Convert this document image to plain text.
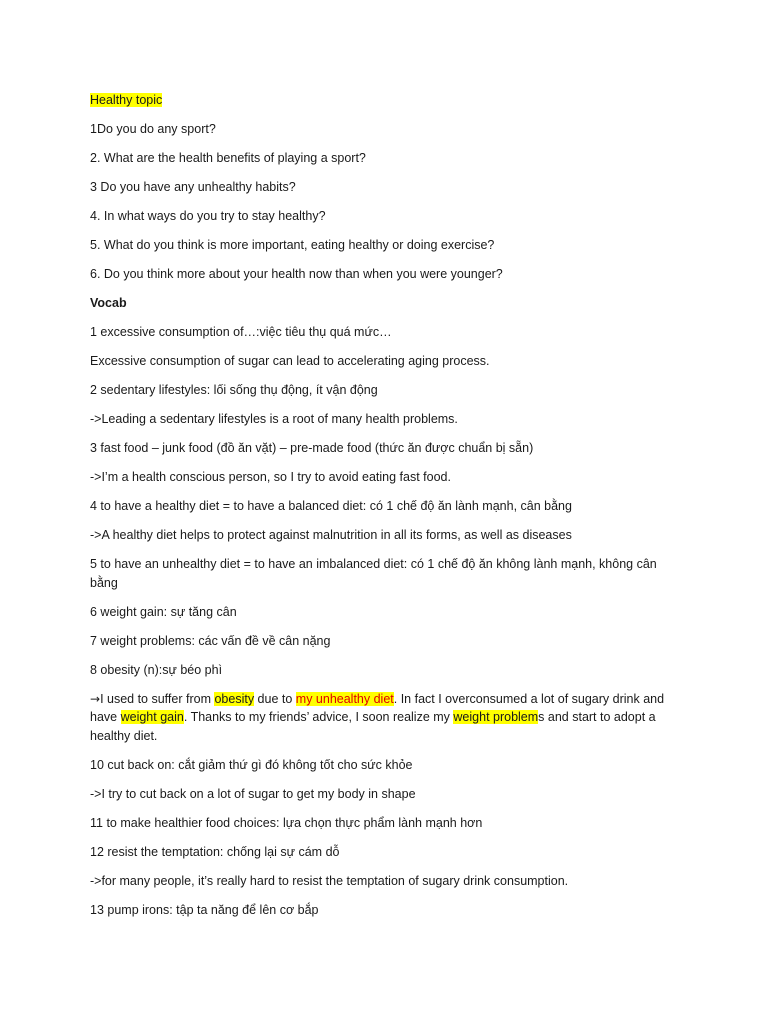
Healthy topic
1Do you do any sport?
2. What are the health benefits of playing a sport?
3 Do you have any unhealthy habits?
4. In what ways do you try to stay healthy?
5. What do you think is more important, eating healthy or doing exercise?
6. Do you think more about your health now than when you were younger?
Vocab
1 excessive consumption of…:việc tiêu thụ quá mức…
Excessive consumption of sugar can lead to accelerating aging process.
2 sedentary lifestyles: lối sống thụ động, ít vận động
->Leading a sedentary lifestyles is a root of many health problems.
3 fast food – junk food (đồ ăn vặt) – pre-made food (thức ăn được chuẩn bị sẵn)
->I’m a health conscious person, so I try to avoid eating fast food.
4 to have a healthy diet = to have a balanced diet: có 1 chế độ ăn lành mạnh, cân bằng
->A healthy diet helps to protect against malnutrition in all its forms, as well as diseases
5 to have an unhealthy diet = to have an imbalanced diet: có 1 chế độ ăn không lành mạnh, không cân bằng
6 weight gain: sự tăng cân
7 weight problems: các vấn đề về cân nặng
8 obesity (n):sự béo phì
→I used to suffer from obesity due to my unhealthy diet. In fact I overconsumed a lot of sugary drink and have weight gain. Thanks to my friends’ advice, I soon realize my weight problems and start to adopt a healthy diet.
10 cut back on: cắt giảm thứ gì đó không tốt cho sức khỏe
->I try to cut back on a lot of sugar to get my body in shape
11 to make healthier food choices: lựa chọn thực phẩm lành mạnh hơn
12 resist the temptation: chống lại sự cám dỗ
->for many people, it’s really hard to resist the temptation of sugary drink consumption.
13 pump irons: tập ta năng để lên cơ bắp
